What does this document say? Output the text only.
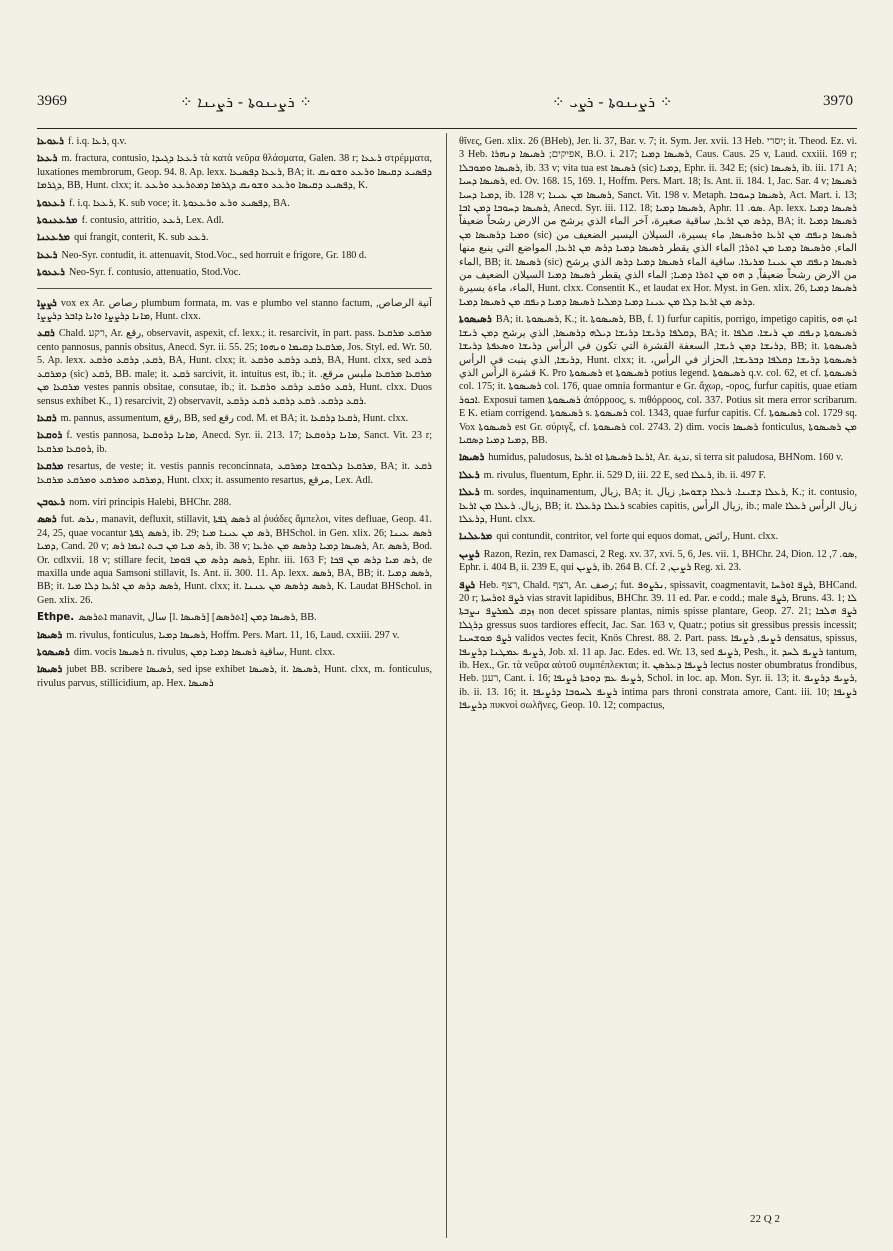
3969	⁘ ܪܨܝܢܘܬܐ - ܪܨܝܢܐ ⁘	⁘ ܪܨܝܢܘܬܐ - ܪܨܝ ⁘	3970

ܪܥܘܥܐ f. i.q. ܪܥܐ, q.v.

ܪܥܥܐ m. fractura, contusio, ܪܥܥܐ ܕܓܝܕܐ τὰ κατὰ νεῦρα θλάσματα, Galen. 38 r; ܪܥܥܐ στρέμματα, luxationes membrorum, Geop. 94. 8. Ap. lexx. ܪܥܥܐ ܕܦܣܝܥܐ, BA; it. ܕܦܣܝܥ ܕܩܝܣܐ ܘܪܥܥ ܘܫܘܢܩ ܕܓܪܡܐ, BB, Hunt. clxx; it. ܕܦܣܝܥ ܕܩܝܣܐ ܘܪܥܥ ܘܫܘܢܩ ܕܓܪܡܐ ܕܡܬܪܥܥ ܘܪܥܥ, K.

ܪܥܥܘܬܐ f. i.q. ܪܥܥܐ, K. sub voce; it. ܕܦܣܝܥ ܘܪܥ ܘܪܥܥܘܬܐ, BA.

ܡܪܥܥܢܘܬܐ f. contusio, attritio, ܪܥܥ, Lex. Adl.

ܡܪܥܥܢܐ qui frangit, conterit, K. sub ܪܥܥ.

ܪܥܥܐ Neo-Syr. contudit, it. attenuavit, Stod.Voc., sed horruit e frigore, Gr. 180 d.

ܪܥܥܘܬܐ Neo-Syr. f. contusio, attenuatio, Stod.Voc.

ܪܨܨܐ vox ex Ar. رصاص plumbum formata, m. vas e plumbo vel stanno factum, آنية الرصاص, ܡܐܢܐ ܕܪܨܨܐ ܘܐܢܐ ܕܐܒܪ ܕܪܨܨܐ, Hunt. clxx.

ܪܩܥ Chald. רקע, Ar. رقع, observavit, aspexit, cf. lexx.; it. resarcivit, in part. pass. ܡܪܩܥ ܡܪܩܥܐ cento pannosus, pannis obsitus, Anecd. Syr. ii. 55. 25; ܡܪܩܥܐ ܕܩܝܡܐ ܘܢܗܘܐ, Jos. Styl. ed. Wr. 50. 5. Ap. lexx. ܪܩܥ, ܕܪܩܥ ܘܪܩܥ, BA, Hunt. clxx; it. ܪܩܥ ܕܪܩܥ ܘܪܩܥ, BA, Hunt. clxx, sed ܪܩܥ ܕܡܪܩܥ (sic) ܪܩܥ, BB. male; it. ܪܩܥ sarcivit, it. intuitus est, ib.; it. ܡܪܩܥܐ ܡܪܩܥܐ ملبس مرقع. ܡܪܩܥܐ ܡܢ vestes pannis obsitae, consutae, ib.; it. ܪܩܥ ܘܪܩܥ ܕܪܩܥ ܘܪܩܥܐ, Hunt. clxx. Duos sensus exhibet K., 1) resarcivit, 2) observavit, ܪܩܥ ܕܪܩܥ. ܪܩܥ ܕܪܩܥ ܪܩܥ ܕܪܩܥ.

ܪܩܥܐ m. pannus, assumentum, رقع, BB, sed رقع cod. M. et BA; it. ܪܩܥܐ ܕܪܩܥܐ, Hunt. clxx.

ܪܘܩܥܐ f. vestis pannosa, ܡܐܢܐ ܕܪܘܩܥܐ, Anecd. Syr. ii. 213. 17; ܡܐܢܐ ܕܪܘܩܥܐ, Sanct. Vit. 23 r; ܪܘܩܥܐ ܡܪܩܥܐ, ib.

ܡܪܩܥܐ resartus, de veste; it. vestis pannis reconcinnata, ܡܪܩܥܐ ܕܠܒܘܫܐ ܕܡܪܩܥ, BA; it. ܪܩܥ ܕܡܪܩܥ ܘܡܪܩܥ ܘܡܪܩܥ ܡܪܩܥܐ, Hunt. clxx; it. assumento resartus, مرقع, Lex. Adl.

ܪܥܘܒܢ nom. viri principis Halebi, BHChr. 288.

ܪܣܣ fut. ܢܪܣ, manavit, defluxit, stillavit, ܪܣܣ ܓܦܬܐ al ῥυάδες ἄμπελοι, vites defluae, Geop. 41. 24, 25, quae vocantur ܪܣܣ ܓܦܬܐ, ib. 29; ܪܣ ܡܢ ܥܝܢܐ ܡܝܐ, BHSchol. in Gen. xlix. 26; ܪܣܣ ܥܝܢܐ ܕܡܝܐ, Cand. 20 v; ܪܣ ܡܝܐ ܡܢ ܒܝܬ ܐܝܡܐ ܪܣ, ib. 38 v; ܪܣܝܣܐ ܕܡܝܐ ܕܪܣܣ ܡܢ ܬܪܥܐ, Ar. ܪܣܣ, Bod. Or. cdlxvii. 18 v; stillare fecit, ܪܣܣ ܕܪܣ ܡܢ ܦܘܡܐ, Ephr. iii. 163 F; ܪܣ ܡܝܐ ܕܪܣ ܡܢ ܦܟܐ, de maxilla unde aqua Samsoni stillavit, Is. Ant. ii. 300. 11. Ap. lexx. ܪܣܣ, BA, BB; it. ܪܣܣ ܕܡܝܐ, BB; it. ܪܣܣ ܕܪܣ ܡܢ ܐܪܥܐ ܕܠܐ ܡܝܐ, Hunt. clxx; it. ܪܣܣ ܕܪܣܣ ܡܢ ܥܢܢܐ, K. Laudat BHSchol. in Gen. xlix. 26.

Ethpe. ܐܬܪܣܣ manavit, سال [l. ܪܣܝܣܐ] ܪܣܝܣܐ ܕܡܢ [ܐܬܪܣܣ], BB.

ܪܣܝܣܐ m. rivulus, fonticulus, ܪܣܝܣܐ ܕܡܝܐ, Hoffm. Pers. Mart. 11, 16, Laud. cxxiii. 297 v.

ܪܣܝܣܘܬܐ dim. vocis ܪܣܝܣܐ n. rivulus, ساقية ܪܣܝܣܐ ܕܡܝܐ ܕܡܢ, Hunt. clxx.

ܪܣܝܣܐ jubet BB. scribere ܪܣܝܣܐ, sed ipse exhibet ܪܣܝܣܐ, it. ܪܣܝܣܐ, Hunt. clxx, m. fonticulus, rivulus parvus, stillicidium, ap. Hex. ܪܣܝܣܐ

θῖνες, Gen. xlix. 26 (BHeb), Jer. li. 37, Bar. v. 7; it. Sym. Jer. xvii. 13 Heb. יסרי; it. Theod. Ez. vi. 3 Heb. אפיקים; ܪܣܝܣܐ ܕܢܗܪܐ, B.O. i. 217; ܪܣܝܣܐ ܕܡܝܐ, Caus. Caus. 25 v, Laud. cxxiii. 169 r; ܪܣܝܣܐ ܘܡܘܒܠܐ, ib. 33 v; vita tua est ܪܣܝܣܐ (sic) ܕܡܝܐ, Ephr. ii. 342 E; (sic) ܪܣܝܣܐ, ib. iii. 171 A; ܪܣܝܣܐ ܕܚܝܐ, ed. Ov. 168. 15, 169. 1, Hoffm. Pers. Mart. 18; Is. Ant. ii. 184. 1, Jac. Sar. 4 v; ܪܣܝܣܐ ܕܡܝܐ ܕܚܝܐ, ib. 128 v; ܪܣܝܣܐ ܡܢ ܥܝܢܐ, Sanct. Vit. 198 v. Metaph. ܪܣܝܣܐ ܕܚܘܒܐ, Act. Mart. i. 13; ܪܣܝܣܐ ܕܚܘܒܐ ܕܡܢ ܐܒܐ, Anecd. Syr. iii. 112. 18; ܪܣܝܣܐ ܕܡܝܐ, Aphr. ܣܘ. 11. Ap. lexx. ܪܣܝܣܐ ܕܡܝܐ ܕܪܣ ܡܢ ܐܪܥܐ, ساقية صغيرة، آخر الماء الذي يرشح من الارض رشحاً ضعيفاً, BA; it. ܪܣܝܣܐ ܕܡܝܐ ܘܡܝܐ ܕܪܣܝܣܐ ܡܢ (sic) ܪܣܝܣܐ ܕܢܦܩ ܡܢ ܐܪܥܐ ܘܪܣܝܣܐ, ماء يسيرة، السيلان اليسير الضعيف من الماء, ܘܪܣܝܣܐ ܕܡܝܐ ܡܢ ܐܬܪܐ; الماء الذي يقطر ܪܣܝܣܐ ܕܡܝܐ ܕܪܣ ܡܢ ܐܪܥܐ, المواضع التي ينبع منها الماء, BB; it. ܪܣܝܣܐ (sic) ܪܣܝܣܐ ܕܢܦܩ ܡܢ ܥܝܢܐ ܡܪܝܪܐ. ساقية الماء ܪܣܝܣܐ ܕܡܝܐ ܕܪܣ الذي يرشح من الارض رشحاً ضعيفاً, ܕ ܗܘ ܡܢ ܐܬܪܐ ܕܡܝܐ; الماء الذي يقطر ܪܣܝܣܐ ܕܡܝܐ السيلان الضعيف من الماء، ماءة يسيرة, Hunt. clxx. Consentit K., et laudat ex Hor. Myst. in Gen. xlix. 26, ܪܣܝܣܐ ܕܡܝܐ ܕܪܣ ܡܢ ܐܪܥܐ ܕܠܐ ܡܢ ܥܝܢܐ ܕܡܝܐ ܕܡܠܝܐ ܪܣܝܣܐ ܕܡܝܐ ܕܢܦܩ ܡܢ ܪܣܝܣܐ ܕܡܝܐ.

ܪܣܝܣܘܬܐ BA; it. ܪܣܝܣܘܬܐ, K.; it. ܪܣܝܣܘܬܐ, BB, f. 1) furfur capitis, porrigo, impetigo capitis, ܐܝܟ ܗܘ ܕܩܠܦܐ ܕܪܝܫܐ ܕܪܝܫܐ ܕܝܠܗ ܕܪܣܝܣܐ, الذي يرشح ܕܡܢ ܪܝܫܐ, BA; it. ܪܣܝܣܘܬܐ ܕܢܦܩ ܡܢ ܪܝܫܐ. ܩܠܦܐ ܕܪܝܫܐ ܕܡܢ ܪܝܫܐ, السعفة القشرة التي تكون في الرأس ܕܪܝܫܐ ܘܣܥܦܬܐ ܕܪܝܫܐ, BB; it. ܪܣܝܣܘܬܐ ܕܪܝܫܐ, الذي ينبت في الرأس, Hunt. clxx; it. ܪܣܝܣܘܬܐ ܕܪܝܫܐ ܕܩܠܦܐ ܕܒܪܝܫܐ, الحزاز في الرأس، قشرة الرأس الذي K. Pro ܪܣܝܣܘܬܐ et ܪܣܝܣܘܬܐ potius legend. ܪܣܝܣܘܬܐ q.v. col. 62, et cf. ܪܣܝܣܘܬܐ col. 175; it. ܪܣܝܣܘܬܐ col. 176, quae omnia formantur e Gr. ἄχωρ, -ορος, furfur capitis, quae etiam ܐܟܘܪ. Exposui tamen ܪܣܝܣܘܬܐ ἀπόρροος, s. πιθόρροος, col. 337. Potius sit mera error scribarum. E K. etiam corrigend. ܪܣܝܣܘܬܐ s. ܪܣܝܣܘܬܐ col. 1343, quae furfur capitis. Cf. ܪܣܝܣܘܬܐ col. 1729 sq. Vox ܪܣܝܣܘܬܐ est Gr. σύριγξ, cf. ܪܣܝܣܘܬܐ col. 2743. 2) dim. vocis ܪܣܝܣܐ fonticulus, ܡܢ ܪܣܝܣܘܬܐ ܕܡܝܐ ܕܡܝܐ ܕܣܩܝܐ, BB.

ܪܣܝܣܐ humidus, paludosus, ܐܪܥܐ ܪܣܝܣܬܐ ܐܘ ܐܪܥܐ, Ar. ندية, si terra sit paludosa, BHNom. 160 v.

ܪܥܠܐ m. rivulus, fluentum, Ephr. ii. 529 D, iii. 22 E, sed ܪܥܠܐ, ib. ii. 497 F.

ܪܥܠܐ m. sordes, inquinamentum, زيال, BA; it. ܪܥܠܐ ܕܫܝܢܐ. ܪܥܠܐ ܕܫܘܚܐ, زيال, K.; it. contusio, زيال. ܪܥܠܐ ܡܢ ܐܪܥܐ, BB; it. ܪܥܠܐ ܕܪܥܠܐ scabies capitis, زيال الرأس, ib.; male زيال الرأس ܪܥܠܐ ܕܪܥܠܐ, Hunt. clxx.

ܡܪܥܠܢܐ qui contundit, contritor, vel forte qui equos domat, رائض, Hunt. clxx.

ܪܨܝܢ Razon, Rezin, rex Damasci, 2 Reg. xv. 37, xvi. 5, 6, Jes. vii. 1, BHChr. 24, Dion. ܣܘ. 7, 12, Ephr. i. 404 B, ii. 239 E, qui ܪܨܝܢ, ib. 264 B. Cf. ܪܨܝܢ, 2 Reg. xi. 23.

ܪܨܦ Heb. רצף, Chald. רצף, Ar. رصف; fut. ܢܪܨܘܦ, spissavit, coagmentavit, ܪܨܦ ܐܘܪܚܐ, BHCand. 20 r; ܪܨܦ ܐܘܪܚܬܐ vias stravit lapidibus, BHChr. 39. 11 ed. Par. e codd.; male ܪܨܦ, Bruns. 43. 1; ܠܐ ܙܕܩ ܠܡܪܨܦ ܢܨܒܬܐ non decet spissare plantas, nimis spisse plantare, Geop. 27. 21; ܪܨܦ ܗܠܟܐ ܕܪܓܠܐ gressus suos tardiores effecit, Jac. Sar. 163 v, Quatr.; potius sit gressibus pressis incessit; ܪܨܦ ܡܘܫܚܢܐ validos vectes fecit, Knös Chrest. 88. 2. Part. pass. ܪܨܝܦ, ܪܨܝܦܐ densatus, spissus, ܪܨܝܦ ܥܡܛܢܐ ܕܪܨܝܦܐ, Job. xl. 11 ap. Jac. Edes. ed. Wr. 13, sed ܪܨܝܦ, Pesh., it. ܪܨܝܦ ܠܚܕ tantum, ib. Hex., Gr. τὰ νεῦρα αὐτοῦ συμπέπλεκται; it. ܪܨܝܦܐ ܕܥܪܣܢ lectus noster obumbratus frondibus, Heb. רענן, Cant. i. 16; ܪܨܝܦ ܥܡ ܕܘܟܬܐ ܪܨܝܦܐ, Schol. in loc. ap. Mon. Syr. ii. 13; it. ܪܨܝܦ ܕܪܨܝܦ, ib. ii. 13. 16; it. ܪܨܝܦ ܠܚܘܒܐ ܕܪܨܝܦܐ intima pars throni constrata amore, Cant. iii. 10; ܪܨܝܦܐ ܕܪܨܝܦܐ πυκνοὶ σωλῆνες, Geop. 10. 12; compactus,

22 Q 2
